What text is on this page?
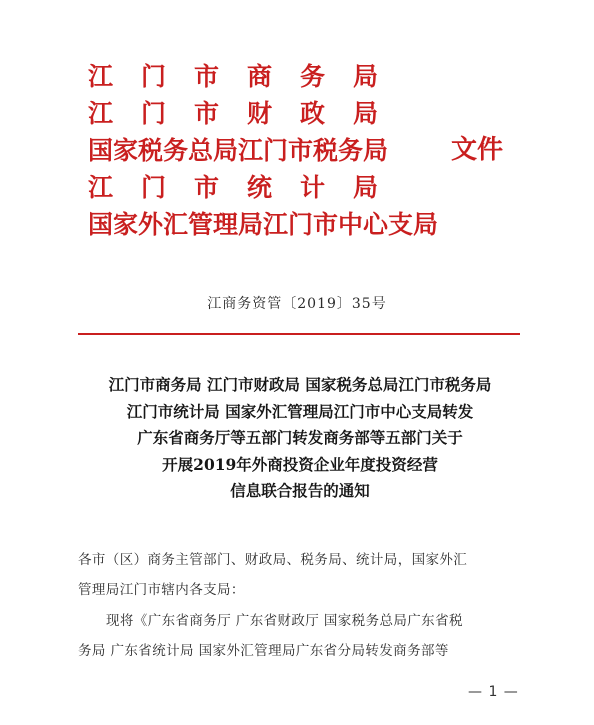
江门市商务局
江门市财政局
国家税务总局江门市税务局 文件
江门市统计局
国家外汇管理局江门市中心支局
江商务资管〔2019〕35号
江门市商务局 江门市财政局 国家税务总局江门市税务局
江门市统计局 国家外汇管理局江门市中心支局转发
广东省商务厅等五部门转发商务部等五部门关于
开展2019年外商投资企业年度投资经营
信息联合报告的通知
各市（区）商务主管部门、财政局、税务局、统计局，国家外汇
管理局江门市辖内各支局：
现将《广东省商务厅 广东省财政厅 国家税务总局广东省税
务局 广东省统计局 国家外汇管理局广东省分局转发商务部等
— 1 —
